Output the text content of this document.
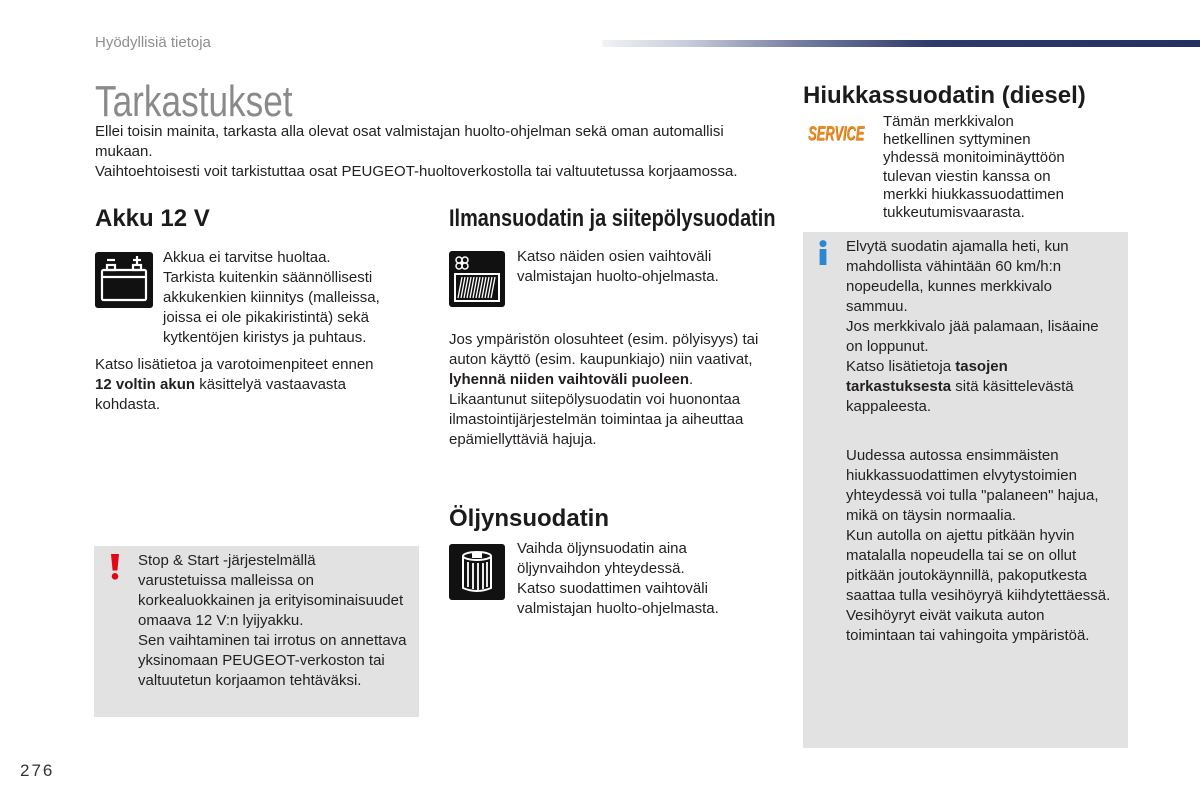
Hyödyllisiä tietoja
Tarkastukset
Ellei toisin mainita, tarkasta alla olevat osat valmistajan huolto-ohjelman sekä oman automallisi
mukaan.
Vaihtoehtoisesti voit tarkistuttaa osat PEUGEOT-huoltoverkostolla tai valtuutetussa korjaamossa.
Akku 12 V
Akkua ei tarvitse huoltaa.
Tarkista kuitenkin säännöllisesti
akkukenkien kiinnitys (malleissa,
joissa ei ole pikakiristintä) sekä
kytkentöjen kiristys ja puhtaus.
Katso lisätietoa ja varotoimenpiteet ennen
12 voltin akun käsittelyä vastaavasta
kohdasta.
Stop & Start -järjestelmällä
varustetuissa malleissa on
korkealuokkainen ja erityisominaisuudet
omaava 12 V:n lyijyakku.
Sen vaihtaminen tai irrotus on annettava
yksinomaan PEUGEOT-verkoston tai
valtuutetun korjaamon tehtäväksi.
Ilmansuodatin ja siitepölysuodatin
Katso näiden osien vaihtoväli
valmistajan huolto-ohjelmasta.
Jos ympäristön olosuhteet (esim. pölyisyys) tai
auton käyttö (esim. kaupunkiajo) niin vaativat,
lyhennä niiden vaihtoväli puoleen.
Likaantunut siitepölysuodatin voi huonontaa
ilmastointijärjestelmän toimintaa ja aiheuttaa
epämiellyttäviä hajuja.
Öljynsuodatin
Vaihda öljynsuodatin aina
öljynvaihdon yhteydessä.
Katso suodattimen vaihtoväli
valmistajan huolto-ohjelmasta.
Hiukkassuodatin (diesel)
SERVICE
Tämän merkkivalon
hetkellinen syttyminen
yhdessä monitoiminäyttöön
tulevan viestin kanssa on
merkki hiukkassuodattimen
tukkeutumisvaarasta.
Elvytä suodatin ajamalla heti, kun
mahdollista vähintään 60 km/h:n
nopeudella, kunnes merkkivalo
sammuu.
Jos merkkivalo jää palamaan, lisäaine
on loppunut.
Katso lisätietoja tasojen
tarkastuksesta sitä käsittelevästä
kappaleesta.
Uudessa autossa ensimmäisten
hiukkassuodattimen elvytystoimien
yhteydessä voi tulla "palaneen" hajua,
mikä on täysin normaalia.
Kun autolla on ajettu pitkään hyvin
matalalla nopeudella tai se on ollut
pitkään joutokäynnillä, pakoputkesta
saattaa tulla vesihöyryä kiihdytettäessä.
Vesihöyryt eivät vaikuta auton
toimintaan tai vahingoita ympäristöä.
276
